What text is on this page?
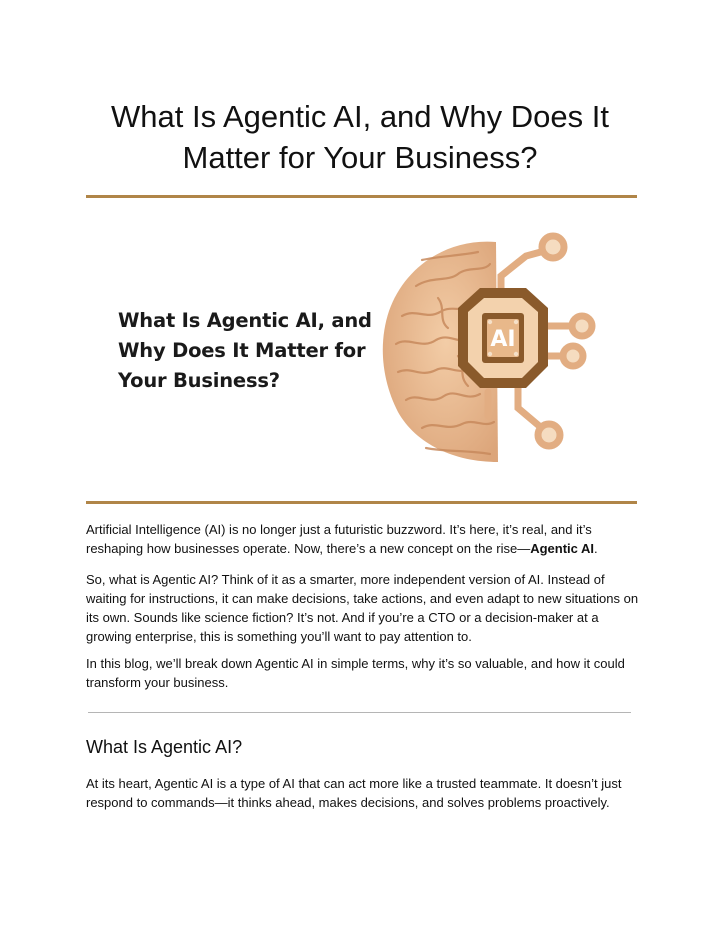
What Is Agentic AI, and Why Does It
Matter for Your Business?
AI

What Is Agentic AI, and
Why Does It Matter for
Your Business?

Artificial Intelligence (AI) is no longer just a futuristic buzzword. It’s here, it’s real, and it’s reshaping how businesses operate. Now, there’s a new concept on the rise—Agentic AI.

So, what is Agentic AI? Think of it as a smarter, more independent version of AI. Instead of waiting for instructions, it can make decisions, take actions, and even adapt to new situations on its own. Sounds like science fiction? It’s not. And if you’re a CTO or a decision-maker at a growing enterprise, this is something you’ll want to pay attention to.

In this blog, we’ll break down Agentic AI in simple terms, why it’s so valuable, and how it could transform your business.

What Is Agentic AI?

At its heart, Agentic AI is a type of AI that can act more like a trusted teammate. It doesn’t just respond to commands—it thinks ahead, makes decisions, and solves problems proactively.
